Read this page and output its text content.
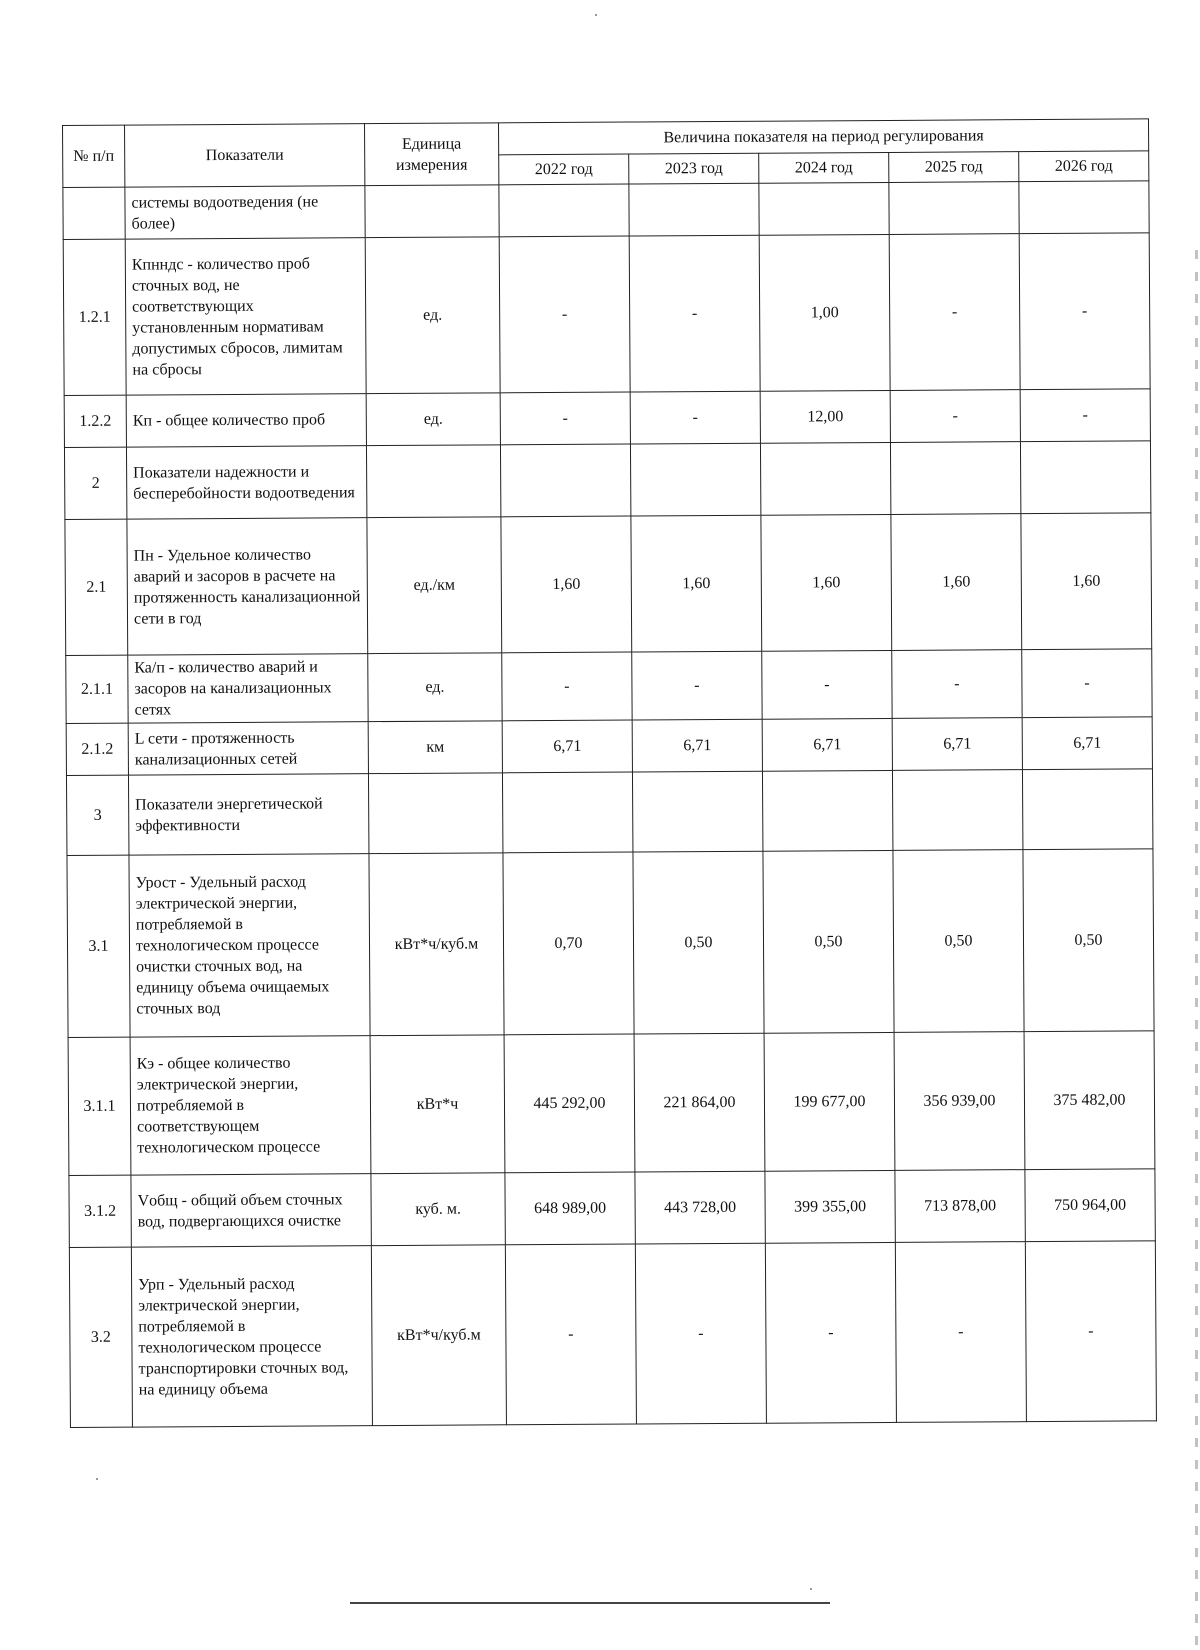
№ п/п	Показатели	Единица измерения	Величина показателя на период регулирования				
			2022 год	2023 год	2024 год	2025 год	2026 год
	системы водоотведения (не более)						
1.2.1	Кпнндс - количество проб сточных вод, не соответствующих установленным нормативам допустимых сбросов, лимитам на сбросы	ед.	-	-	1,00	-	-
1.2.2	Кп - общее количество проб	ед.	-	-	12,00	-	-
2	Показатели надежности и бесперебойности водоотведения						
2.1	Пн - Удельное количество аварий и засоров в расчете на протяженность канализационной сети в год	ед./км	1,60	1,60	1,60	1,60	1,60
2.1.1	Ка/п - количество аварий и засоров на канализационных сетях	ед.	-	-	-	-	-
2.1.2	L сети - протяженность канализационных сетей	км	6,71	6,71	6,71	6,71	6,71
3	Показатели энергетической эффективности						
3.1	Урост - Удельный расход электрической энергии, потребляемой в технологическом процессе очистки сточных вод, на единицу объема очищаемых сточных вод	кВт*ч/куб.м	0,70	0,50	0,50	0,50	0,50
3.1.1	Кэ - общее количество электрической энергии, потребляемой в соответствующем технологическом процессе	кВт*ч	445 292,00	221 864,00	199 677,00	356 939,00	375 482,00
3.1.2	Vобщ - общий объем сточных вод, подвергающихся очистке	куб. м.	648 989,00	443 728,00	399 355,00	713 878,00	750 964,00
3.2	Урп - Удельный расход электрической энергии, потребляемой в технологическом процессе транспортировки сточных вод, на единицу объема	кВт*ч/куб.м	-	-	-	-	-
